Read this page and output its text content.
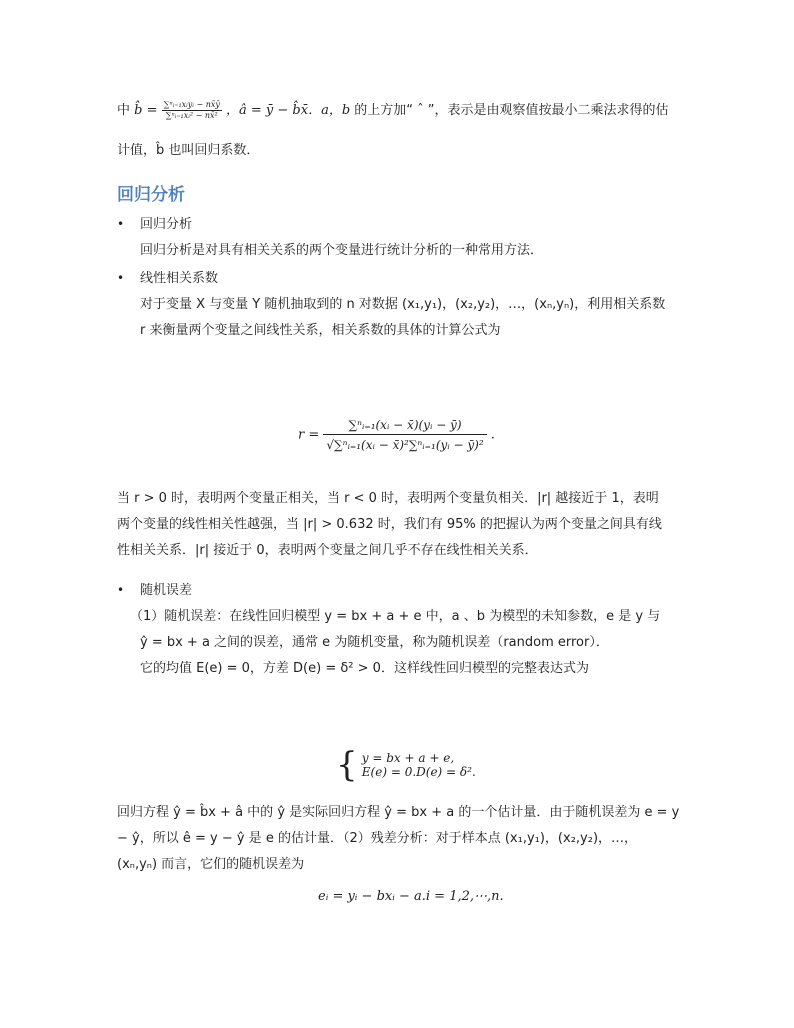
中 b̂ = $\frac{\text{∑ⁿᵢ₌₁xᵢyᵢ − nx̄ȳ}}{\text{∑ⁿᵢ₌₁xᵢ² − nx̄²}}$ ，â = ȳ − b̂x̄．a，b 的上方加“ ˆ ”，表示是由观察值按最小二乘法求得的估
计值，b̂ 也叫回归系数．
回归分析
• 回归分析
回归分析是对具有相关关系的两个变量进行统计分析的一种常用方法．
• 线性相关系数
对于变量 X 与变量 Y 随机抽取到的 n 对数据 (x₁,y₁)，(x₂,y₂)，…，(xₙ,yₙ)，利用相关系数
r 来衡量两个变量之间线性关系，相关系数的具体的计算公式为
$r = \frac{\text{∑ⁿᵢ₌₁(xᵢ − x̄)(yᵢ − ȳ)}}{\text{√∑ⁿᵢ₌₁(xᵢ − x̄)²∑ⁿᵢ₌₁(yᵢ − ȳ)²}}$ .
当 r > 0 时，表明两个变量正相关，当 r < 0 时，表明两个变量负相关．|r| 越接近于 1，表明
两个变量的线性相关性越强，当 |r| > 0.632 时，我们有 95% 的把握认为两个变量之间具有线
性相关关系．|r| 接近于 0，表明两个变量之间几乎不存在线性相关关系．
• 随机误差
（1）随机误差：在线性回归模型 y = bx + a + e 中，a 、b 为模型的未知参数，e 是 y 与
ŷ = bx + a 之间的误差，通常 e 为随机变量，称为随机误差（random error）．
它的均值 E(e) = 0，方差 D(e) = δ² > 0．这样线性回归模型的完整表达式为
{ y = bx + a + e,
E(e) = 0.D(e) = δ².
回归方程 ŷ = b̂x + â 中的 ŷ 是实际回归方程 ŷ = bx + a 的一个估计量．由于随机误差为 e = y
− ŷ，所以 ê = y − ŷ 是 e 的估计量．（2）残差分析：对于样本点 (x₁,y₁)，(x₂,y₂)，…，
(xₙ,yₙ) 而言，它们的随机误差为
eᵢ = yᵢ − bxᵢ − a.i = 1,2,⋯,n.
